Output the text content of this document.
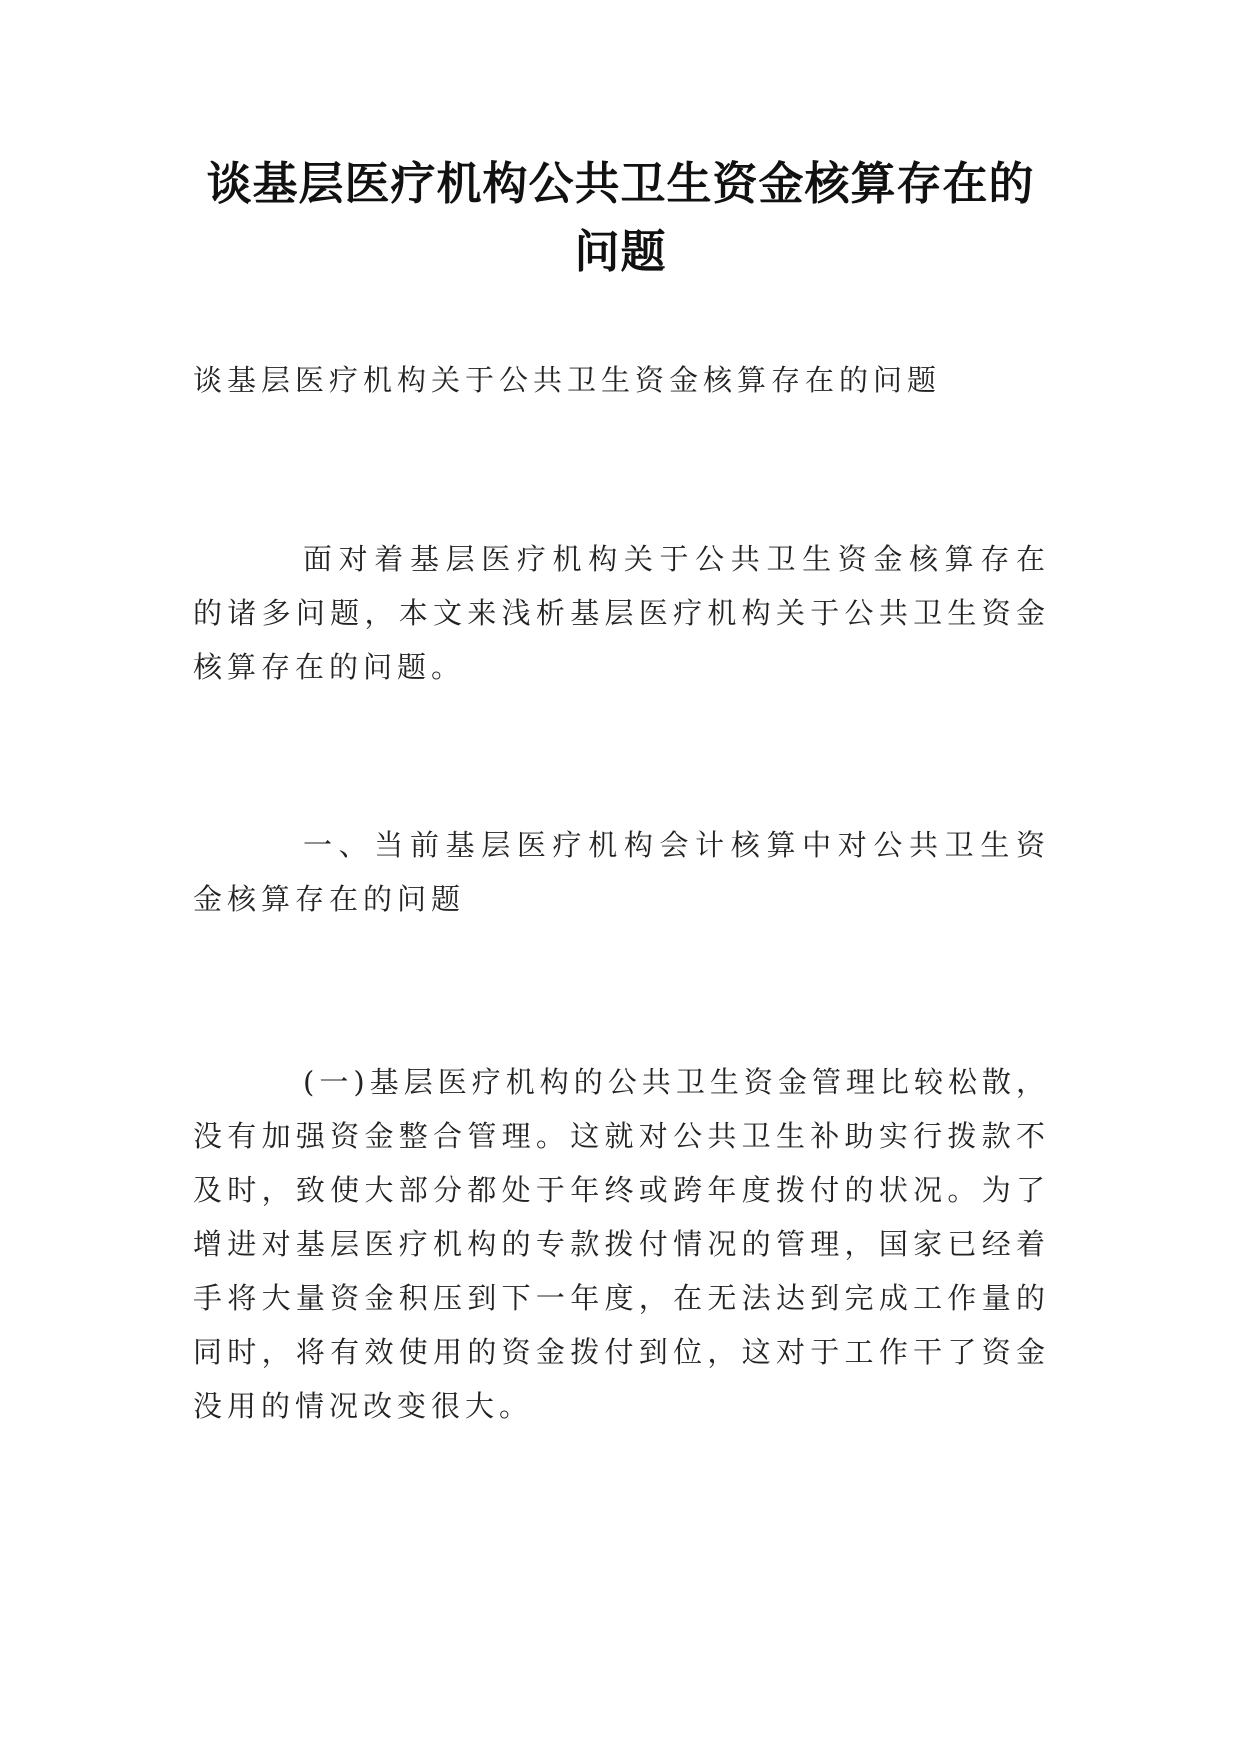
谈基层医疗机构公共卫生资金核算存在的问题

谈基层医疗机构关于公共卫生资金核算存在的问题

面对着基层医疗机构关于公共卫生资金核算存在的诸多问题，本文来浅析基层医疗机构关于公共卫生资金核算存在的问题。

一、当前基层医疗机构会计核算中对公共卫生资金核算存在的问题

(一)基层医疗机构的公共卫生资金管理比较松散，没有加强资金整合管理。这就对公共卫生补助实行拨款不及时，致使大部分都处于年终或跨年度拨付的状况。为了增进对基层医疗机构的专款拨付情况的管理，国家已经着手将大量资金积压到下一年度，在无法达到完成工作量的同时，将有效使用的资金拨付到位，这对于工作干了资金没用的情况改变很大。
